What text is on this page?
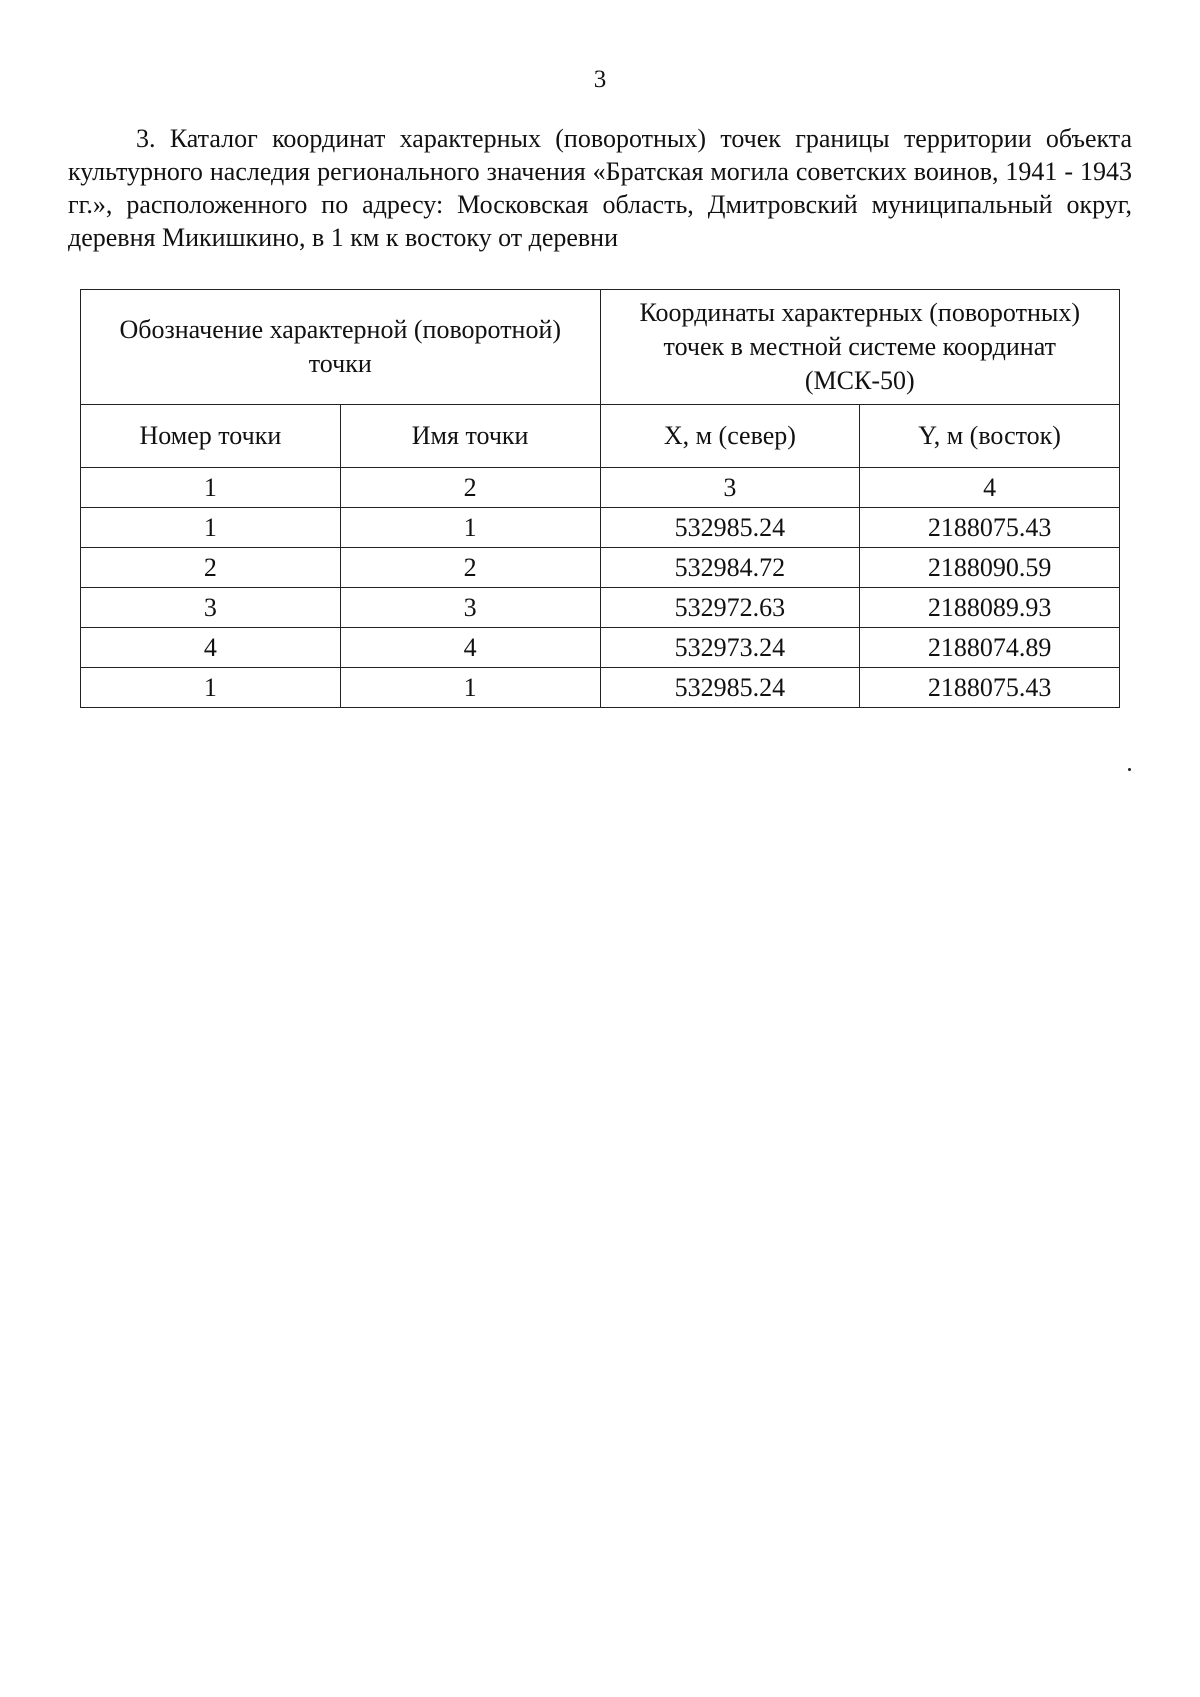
3

3. Каталог координат характерных (поворотных) точек границы территории объекта культурного наследия регионального значения «Братская могила советских воинов, 1941 - 1943 гг.», расположенного по адресу: Московская область, Дмитровский муниципальный округ, деревня Микишкино, в 1 км к востоку от деревни

Обозначение характерной (поворотной) точки		Координаты характерных (поворотных) точек в местной системе координат (МСК-50)	
Номер точки	Имя точки	X, м (север)	Y, м (восток)
1	2	3	4
1	1	532985.24	2188075.43
2	2	532984.72	2188090.59
3	3	532972.63	2188089.93
4	4	532973.24	2188074.89
1	1	532985.24	2188075.43
